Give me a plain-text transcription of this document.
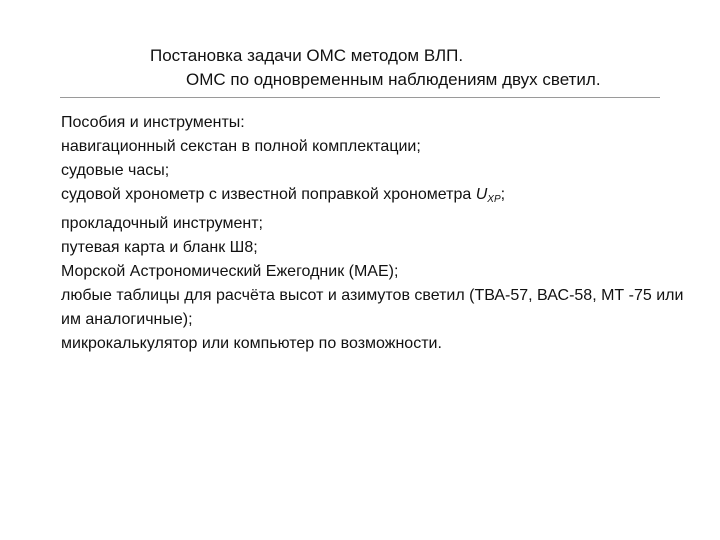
Постановка задачи ОМС методом ВЛП.
ОМС по одновременным наблюдениям двух светил.
Пособия и инструменты:
навигационный секстан в полной комплектации;
судовые часы;
судовой хронометр с известной поправкой хронометра $U_{ХР}$;
прокладочный инструмент;
путевая карта и бланк Ш8;
Морской Астрономический Ежегодник (МАЕ);
любые таблицы для расчёта высот и азимутов светил (ТВА-57, ВАС-58, МТ -75 или им аналогичные);
микрокалькулятор или компьютер по возможности.
